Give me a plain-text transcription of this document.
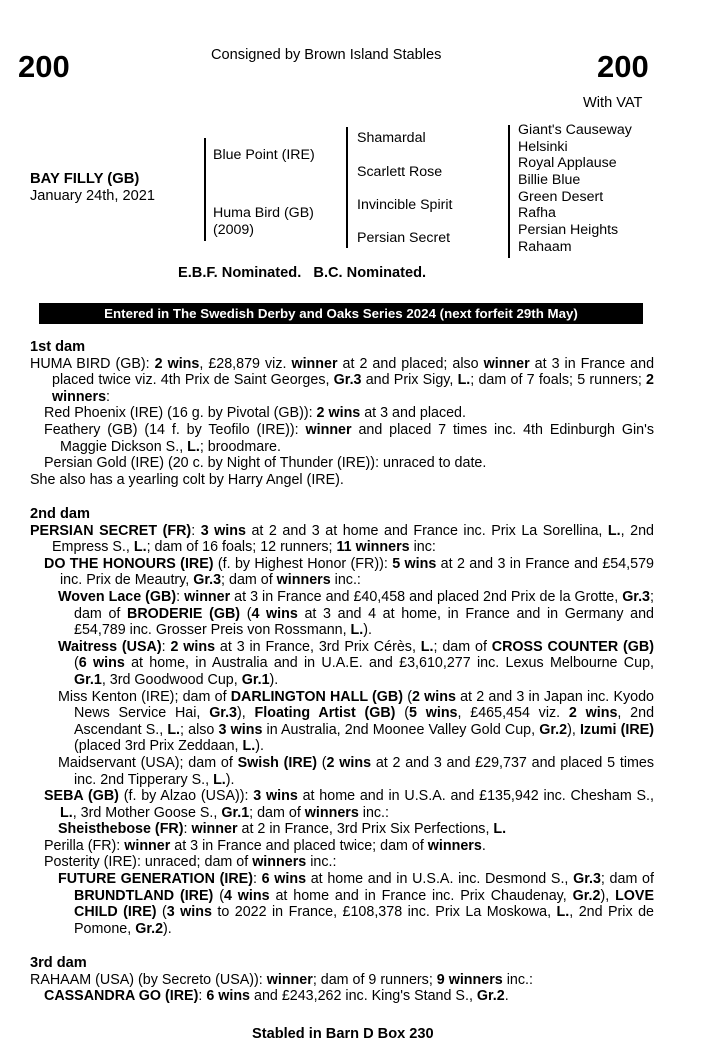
200	200
Consigned by Brown Island Stables
With VAT
BAY FILLY (GB)
January 24th, 2021
Blue Point (IRE)
Huma Bird (GB)
(2009)
Shamardal
Scarlett Rose
Invincible Spirit
Persian Secret
Giant's Causeway
Helsinki
Royal Applause
Billie Blue
Green Desert
Rafha
Persian Heights
Rahaam
E.B.F. Nominated.   B.C. Nominated.
Entered in The Swedish Derby and Oaks Series 2024 (next forfeit 29th May)
1st dam
HUMA BIRD (GB): 2 wins, £28,879 viz. winner at 2 and placed; also winner at 3 in France and placed twice viz. 4th Prix de Saint Georges, Gr.3 and Prix Sigy, L.; dam of 7 foals; 5 runners; 2 winners:
Red Phoenix (IRE) (16 g. by Pivotal (GB)): 2 wins at 3 and placed.
Feathery (GB) (14 f. by Teofilo (IRE)): winner and placed 7 times inc. 4th Edinburgh Gin's Maggie Dickson S., L.; broodmare.
Persian Gold (IRE) (20 c. by Night of Thunder (IRE)): unraced to date.
She also has a yearling colt by Harry Angel (IRE).
2nd dam
PERSIAN SECRET (FR): 3 wins at 2 and 3 at home and France inc. Prix La Sorellina, L., 2nd Empress S., L.; dam of 16 foals; 12 runners; 11 winners inc:
DO THE HONOURS (IRE) (f. by Highest Honor (FR)): 5 wins at 2 and 3 in France and £54,579 inc. Prix de Meautry, Gr.3; dam of winners inc.:
Woven Lace (GB): winner at 3 in France and £40,458 and placed 2nd Prix de la Grotte, Gr.3; dam of BRODERIE (GB) (4 wins at 3 and 4 at home, in France and in Germany and £54,789 inc. Grosser Preis von Rossmann, L.).
Waitress (USA): 2 wins at 3 in France, 3rd Prix Cérès, L.; dam of CROSS COUNTER (GB) (6 wins at home, in Australia and in U.A.E. and £3,610,277 inc. Lexus Melbourne Cup, Gr.1, 3rd Goodwood Cup, Gr.1).
Miss Kenton (IRE); dam of DARLINGTON HALL (GB) (2 wins at 2 and 3 in Japan inc. Kyodo News Service Hai, Gr.3), Floating Artist (GB) (5 wins, £465,454 viz. 2 wins, 2nd Ascendant S., L.; also 3 wins in Australia, 2nd Moonee Valley Gold Cup, Gr.2), Izumi (IRE) (placed 3rd Prix Zeddaan, L.).
Maidservant (USA); dam of Swish (IRE) (2 wins at 2 and 3 and £29,737 and placed 5 times inc. 2nd Tipperary S., L.).
SEBA (GB) (f. by Alzao (USA)): 3 wins at home and in U.S.A. and £135,942 inc. Chesham S., L., 3rd Mother Goose S., Gr.1; dam of winners inc.:
Sheisthebose (FR): winner at 2 in France, 3rd Prix Six Perfections, L.
Perilla (FR): winner at 3 in France and placed twice; dam of winners.
Posterity (IRE): unraced; dam of winners inc.:
FUTURE GENERATION (IRE): 6 wins at home and in U.S.A. inc. Desmond S., Gr.3; dam of BRUNDTLAND (IRE) (4 wins at home and in France inc. Prix Chaudenay, Gr.2), LOVE CHILD (IRE) (3 wins to 2022 in France, £108,378 inc. Prix La Moskowa, L., 2nd Prix de Pomone, Gr.2).
3rd dam
RAHAAM (USA) (by Secreto (USA)): winner; dam of 9 runners; 9 winners inc.:
CASSANDRA GO (IRE): 6 wins and £243,262 inc. King's Stand S., Gr.2.
Stabled in Barn D Box 230
